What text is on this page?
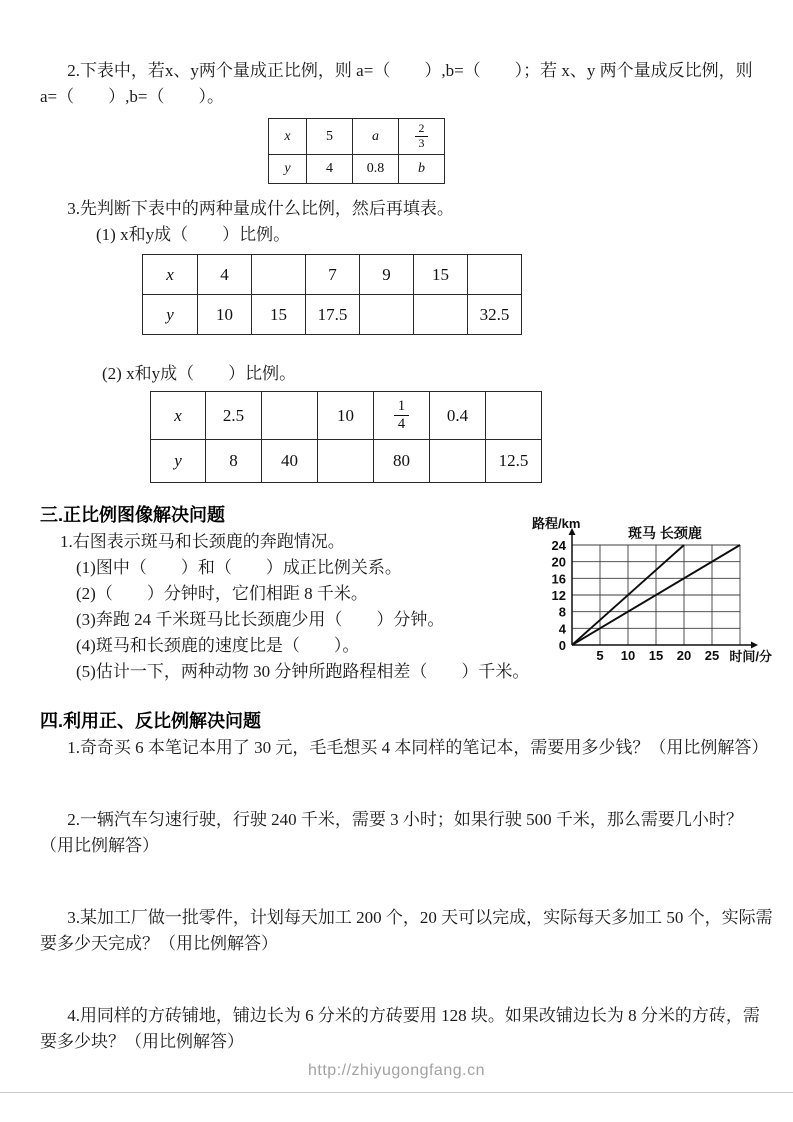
2.下表中，若x、y两个量成正比例，则 a=（　　）,b=（　　）；若 x、y 两个量成反比例，则 a=（　　）,b=（　　）。

x	5	a	$\frac{2}{3}$

y	4	0.8	b

3.先判断下表中的两种量成什么比例，然后再填表。

(1) x和y成（　　）比例。

x	4		7	9	15	
y	10	15	17.5			32.5

(2) x和y成（　　）比例。

x	2.5		10	$\frac{1}{4}$	0.4	
y	8	40		80		12.5
三.正比例图像解决问题

1.右图表示斑马和长颈鹿的奔跑情况。

(1)图中（　　）和（　　）成正比例关系。

(2)（　　）分钟时，它们相距 8 千米。

(3)奔跑 24 千米斑马比长颈鹿少用（　　）分钟。

(4)斑马和长颈鹿的速度比是（　　）。

(5)估计一下，两种动物 30 分钟所跑路程相差（　　）千米。

0
4
8
12
16
20
24
5 10 15 20 25
路程/km
时间/分
斑马 长颈鹿
四.利用正、反比例解决问题

1.奇奇买 6 本笔记本用了 30 元，毛毛想买 4 本同样的笔记本，需要用多少钱？（用比例解答）

2.一辆汽车匀速行驶，行驶 240 千米，需要 3 小时；如果行驶 500 千米，那么需要几小时？（用比例解答）

3.某加工厂做一批零件，计划每天加工 200 个，20 天可以完成，实际每天多加工 50 个，实际需要多少天完成？（用比例解答）

4.用同样的方砖铺地，铺边长为 6 分米的方砖要用 128 块。如果改铺边长为 8 分米的方砖，需要多少块？（用比例解答）

http://zhiyugongfang.cn
